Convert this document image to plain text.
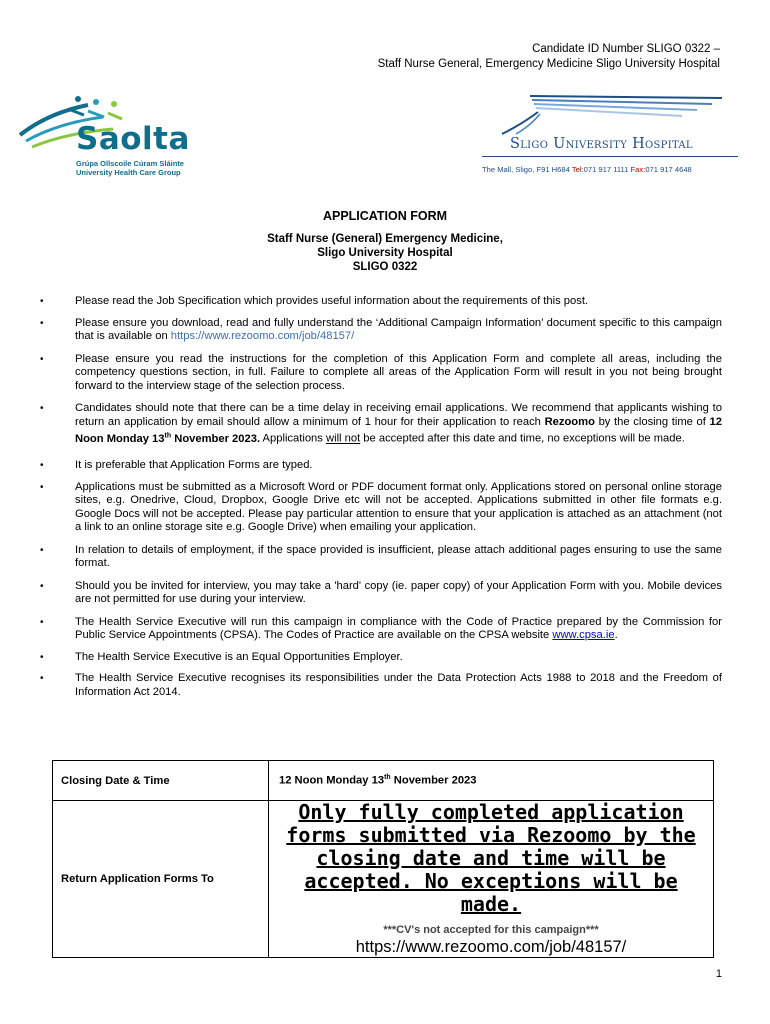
Candidate ID Number SLIGO 0322 –
Staff Nurse General, Emergency Medicine Sligo University Hospital
Saolta
Grúpa Ollscoile Cúram Sláinte
University Health Care Group
Sligo University Hospital
The Mall, Sligo, F91 H684 Tel:071 917 1111 Fax:071 917 4648
APPLICATION FORM
Staff Nurse (General) Emergency Medicine,
Sligo University Hospital
SLIGO 0322
• Please read the Job Specification which provides useful information about the requirements of this post.
• Please ensure you download, read and fully understand the ‘Additional Campaign Information’ document specific to this campaign that is available on https://www.rezoomo.com/job/48157/
• Please ensure you read the instructions for the completion of this Application Form and complete all areas, including the competency questions section, in full. Failure to complete all areas of the Application Form will result in you not being brought forward to the interview stage of the selection process.
• Candidates should note that there can be a time delay in receiving email applications. We recommend that applicants wishing to return an application by email should allow a minimum of 1 hour for their application to reach Rezoomo by the closing time of 12 Noon Monday 13th November 2023. Applications will not be accepted after this date and time, no exceptions will be made.
• It is preferable that Application Forms are typed.
• Applications must be submitted as a Microsoft Word or PDF document format only. Applications stored on personal online storage sites, e.g. Onedrive, Cloud, Dropbox, Google Drive etc will not be accepted. Applications submitted in other file formats e.g. Google Docs will not be accepted. Please pay particular attention to ensure that your application is attached as an attachment (not a link to an online storage site e.g. Google Drive) when emailing your application.
• In relation to details of employment, if the space provided is insufficient, please attach additional pages ensuring to use the same format.
• Should you be invited for interview, you may take a 'hard' copy (ie. paper copy) of your Application Form with you. Mobile devices are not permitted for use during your interview.
• The Health Service Executive will run this campaign in compliance with the Code of Practice prepared by the Commission for Public Service Appointments (CPSA). The Codes of Practice are available on the CPSA website www.cpsa.ie.
• The Health Service Executive is an Equal Opportunities Employer.
• The Health Service Executive recognises its responsibilities under the Data Protection Acts 1988 to 2018 and the Freedom of Information Act 2014.
Closing Date & Time	12 Noon Monday 13th November 2023
Return Application Forms To	Only fully completed application forms submitted via Rezoomo by the closing date and time will be accepted. No exceptions will be made.
***CV's not accepted for this campaign***
https://www.rezoomo.com/job/48157/
1
